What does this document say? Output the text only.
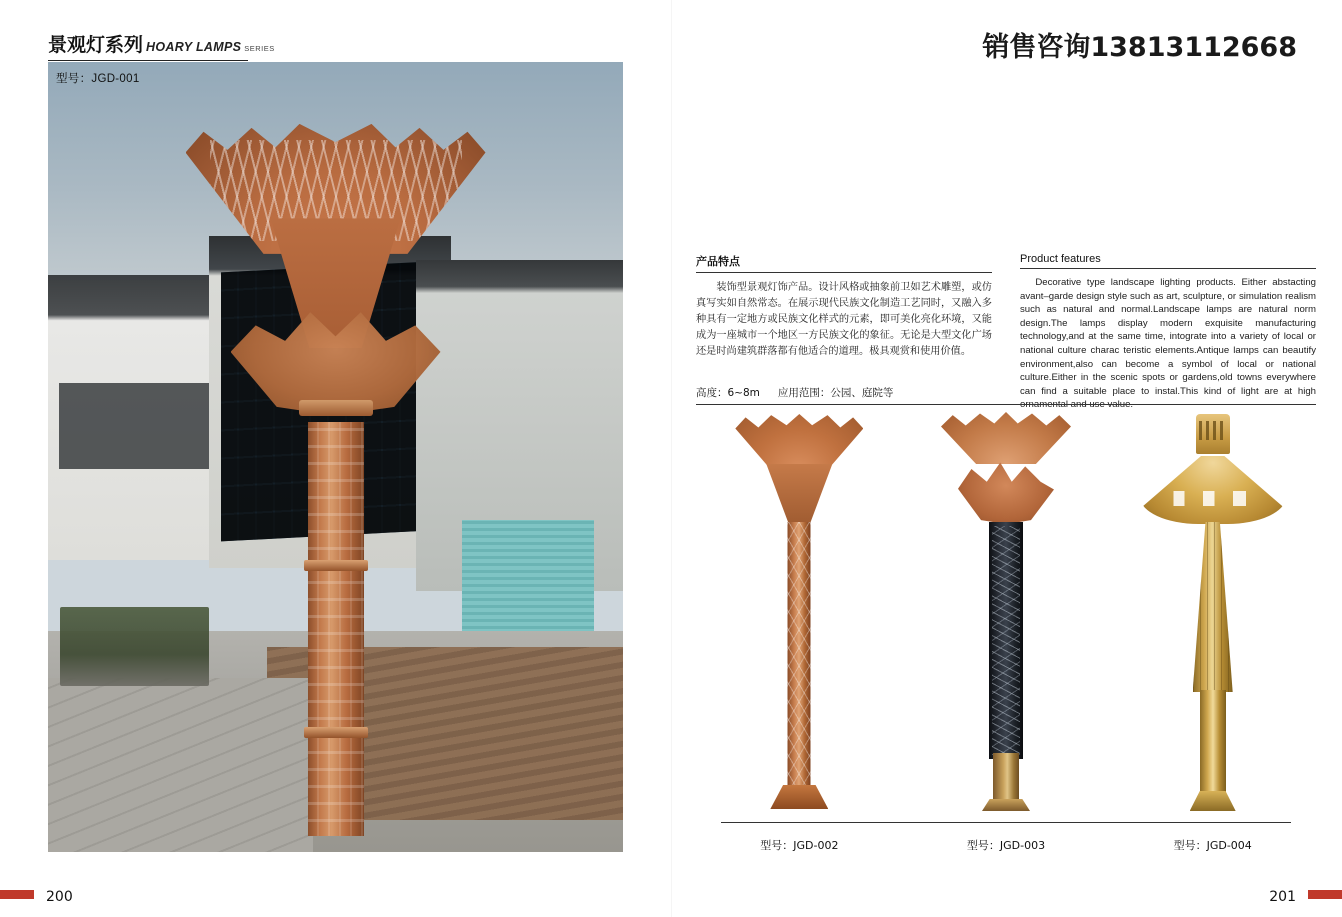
景观灯系列 HOARY LAMPS SERIES
型号：JGD-001
200
销售咨询13813112668
产品特点
装饰型景观灯饰产品。设计风格或抽象前卫如艺术雕塑，或仿真写实如自然常态。在展示现代民族文化制造工艺同时，又融入多种具有一定地方或民族文化样式的元素，即可美化亮化环境，又能成为一座城市一个地区一方民族文化的象征。无论是大型文化广场还是时尚建筑群落都有他适合的道理。极具观赏和使用价值。
Product features
Decorative type landscape lighting products. Either abstacting avant–garde design style such as art, sculpture, or simulation realism such as natural and normal.Landscape lamps are natural norm design.The lamps display modern exquisite manufacturing technology,and at the same time, intograte into a variety of local or national culture charac teristic elements.Antique lamps can beautify environment,also can become a symbol of local or national culture.Either in the scenic spots or gardens,old towns everywhere can find a suitable place to instal.This kind of light are at high ornamental and use value.
高度：6~8m 应用范围：公园、庭院等
型号：JGD-002	型号：JGD-003	型号：JGD-004
201
